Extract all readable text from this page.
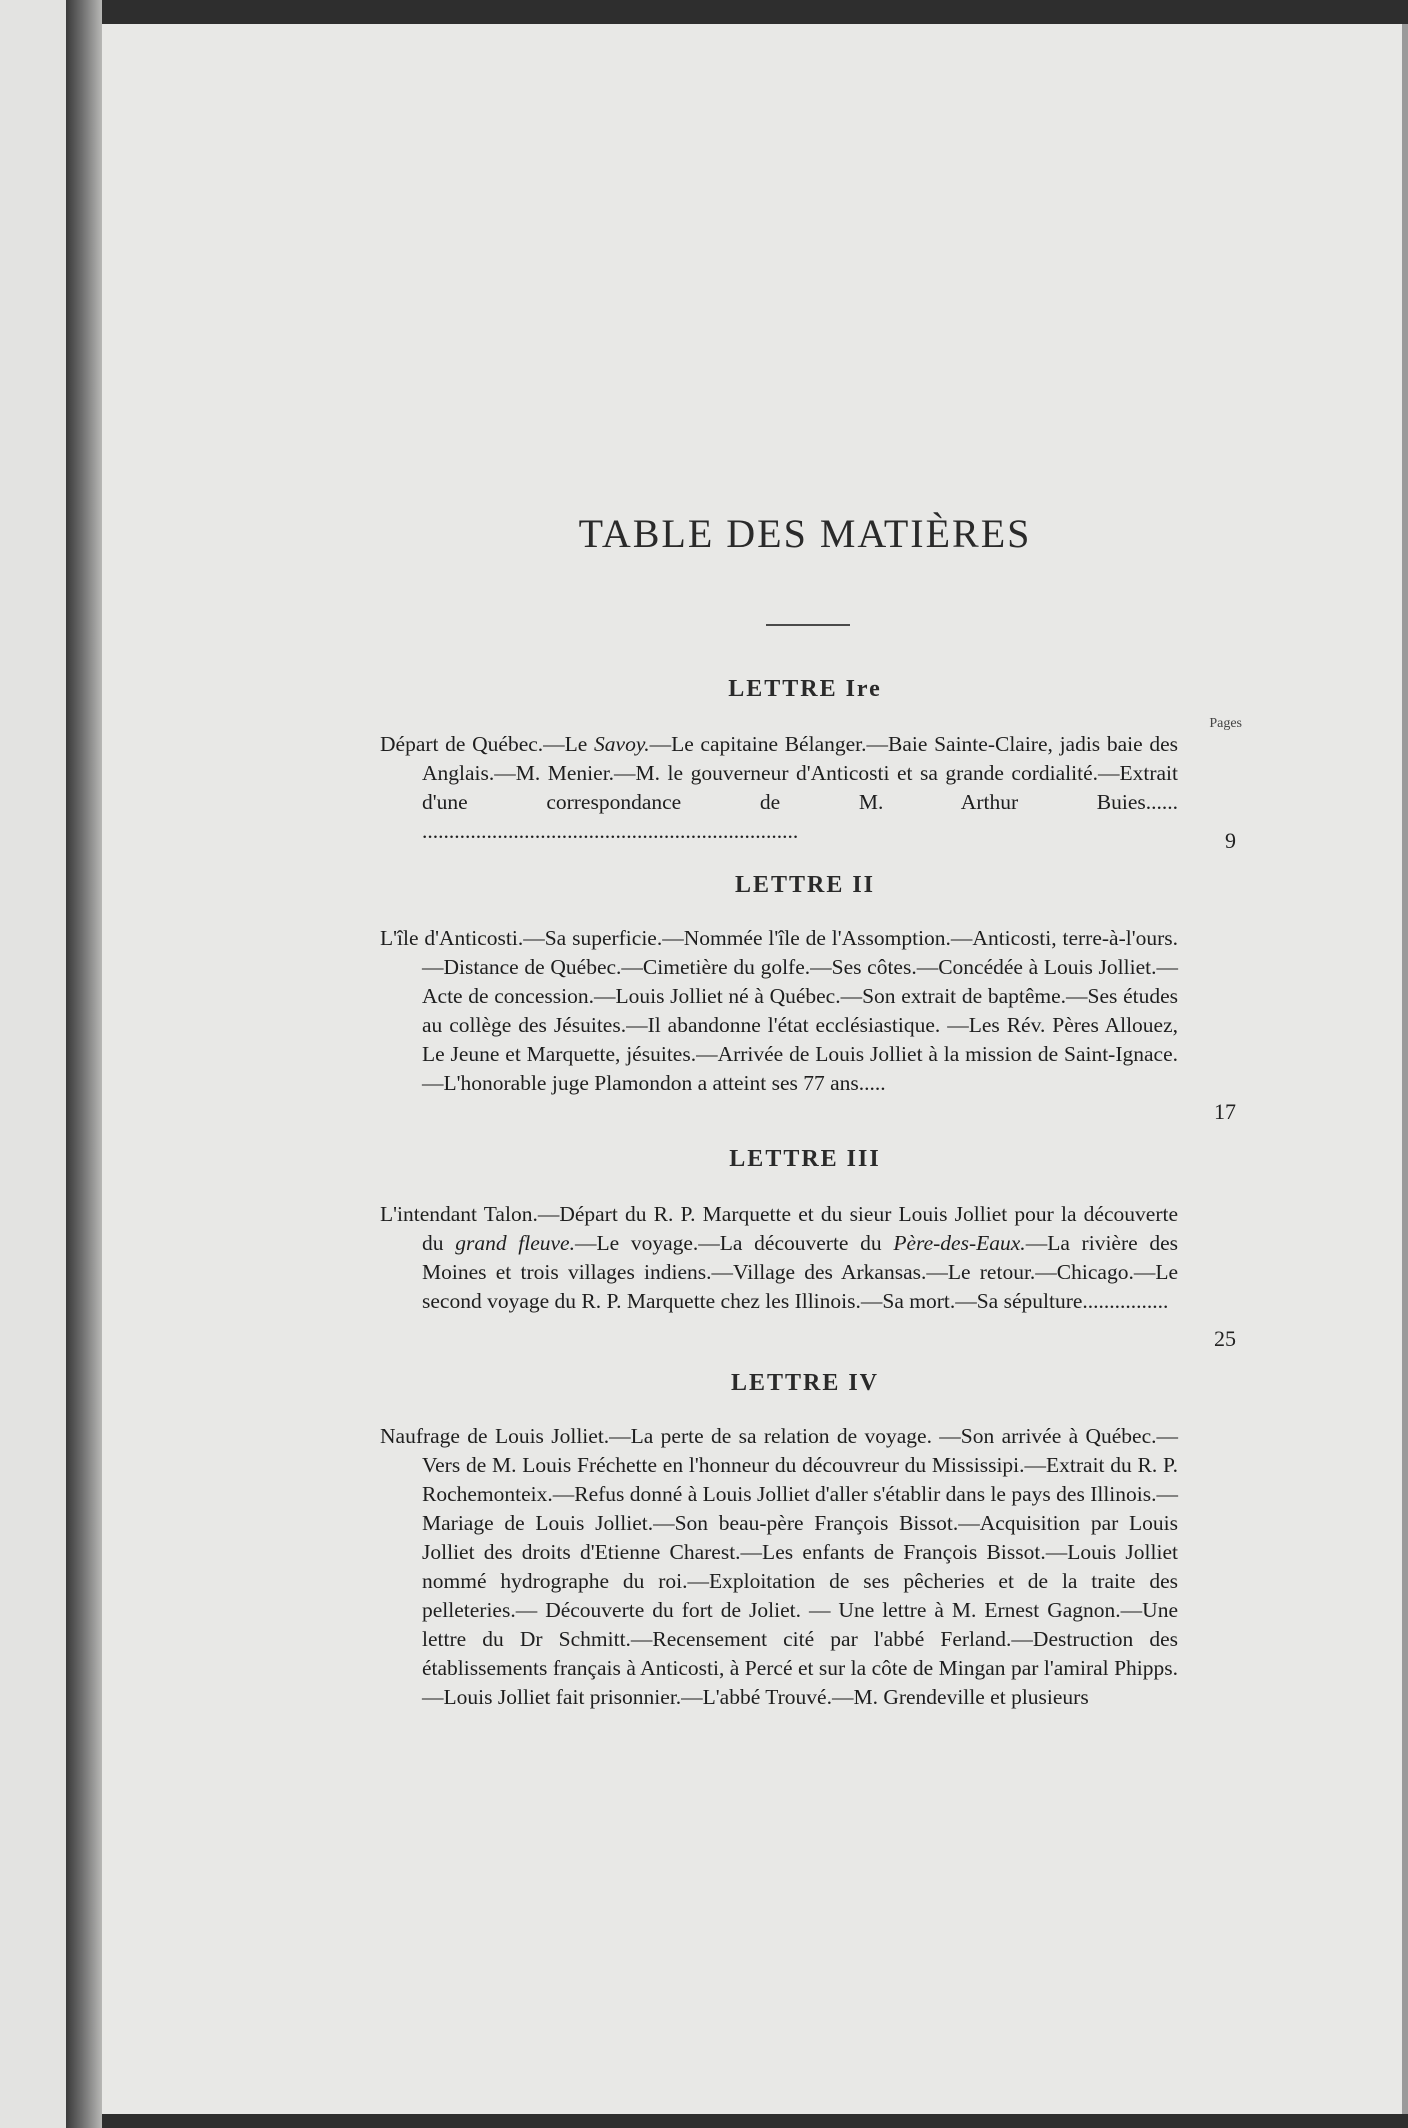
TABLE DES MATIÈRES
LETTRE Ire
Pages
Départ de Québec.—Le Savoy.—Le capitaine Bélanger.—Baie Sainte-Claire, jadis baie des Anglais.—M. Menier.—M. le gouverneur d'Anticosti et sa grande cordialité.—Extrait d'une correspondance de M. Arthur Buies...... ......................................................................	9
LETTRE II
L'île d'Anticosti.—Sa superficie.—Nommée l'île de l'Assomption.—Anticosti, terre-à-l'ours.—Distance de Québec.—Cimetière du golfe.—Ses côtes.—Concédée à Louis Jolliet.—Acte de concession.—Louis Jolliet né à Québec.—Son extrait de baptême.—Ses études au collège des Jésuites.—Il abandonne l'état ecclésiastique. —Les Rév. Pères Allouez, Le Jeune et Marquette, jésuites.—Arrivée de Louis Jolliet à la mission de Saint-Ignace.—L'honorable juge Plamondon a atteint ses 77 ans.....
17
LETTRE III
L'intendant Talon.—Départ du R. P. Marquette et du sieur Louis Jolliet pour la découverte du grand fleuve.—Le voyage.—La découverte du Père-des-Eaux.—La rivière des Moines et trois villages indiens.—Village des Arkansas.—Le retour.—Chicago.—Le second voyage du R. P. Marquette chez les Illinois.—Sa mort.—Sa sépulture................
25
LETTRE IV
Naufrage de Louis Jolliet.—La perte de sa relation de voyage. —Son arrivée à Québec.—Vers de M. Louis Fréchette en l'honneur du découvreur du Mississipi.—Extrait du R. P. Rochemonteix.—Refus donné à Louis Jolliet d'aller s'établir dans le pays des Illinois.—Mariage de Louis Jolliet.—Son beau-père François Bissot.—Acquisition par Louis Jolliet des droits d'Etienne Charest.—Les enfants de François Bissot.—Louis Jolliet nommé hydrographe du roi.—Exploitation de ses pêcheries et de la traite des pelleteries.— Découverte du fort de Joliet. — Une lettre à M. Ernest Gagnon.—Une lettre du Dr Schmitt.—Recensement cité par l'abbé Ferland.—Destruction des établissements français à Anticosti, à Percé et sur la côte de Mingan par l'amiral Phipps.—Louis Jolliet fait prisonnier.—L'abbé Trouvé.—M. Grendeville et plusieurs
